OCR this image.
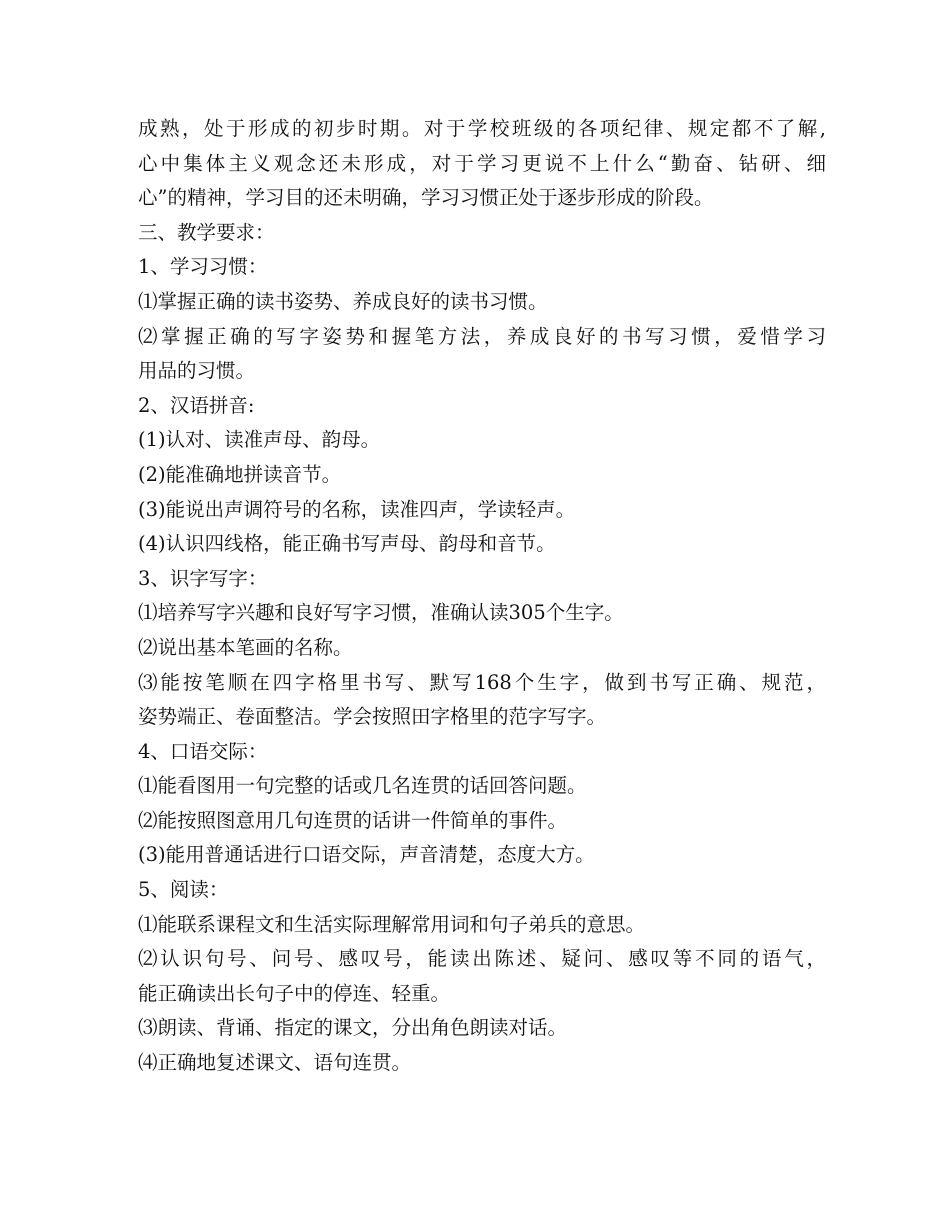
成熟，处于形成的初步时期。对于学校班级的各项纪律、规定都不了解,
心中集体主义观念还未形成，对于学习更说不上什么“勤奋、钻研、细
心”的精神，学习目的还未明确，学习习惯正处于逐步形成的阶段。
三、教学要求：
1、学习习惯：
⑴掌握正确的读书姿势、养成良好的读书习惯。
⑵掌握正确的写字姿势和握笔方法，养成良好的书写习惯，爱惜学习
用品的习惯。
2、汉语拼音:
(1)认对、读准声母、韵母。
(2)能准确地拼读音节。
(3)能说出声调符号的名称，读准四声，学读轻声。
(4)认识四线格，能正确书写声母、韵母和音节。
3、识字写字：
⑴培养写字兴趣和良好写字习惯，准确认读305个生字。
⑵说出基本笔画的名称。
⑶能按笔顺在四字格里书写、默写168个生字，做到书写正确、规范，
姿势端正、卷面整洁。学会按照田字格里的范字写字。
4、口语交际：
⑴能看图用一句完整的话或几名连贯的话回答问题。
⑵能按照图意用几句连贯的话讲一件简单的事件。
(3)能用普通话进行口语交际，声音清楚，态度大方。
5、阅读：
⑴能联系课程文和生活实际理解常用词和句子弟兵的意思。
⑵认识句号、问号、感叹号，能读出陈述、疑问、感叹等不同的语气，
能正确读出长句子中的停连、轻重。
⑶朗读、背诵、指定的课文，分出角色朗读对话。
⑷正确地复述课文、语句连贯。
